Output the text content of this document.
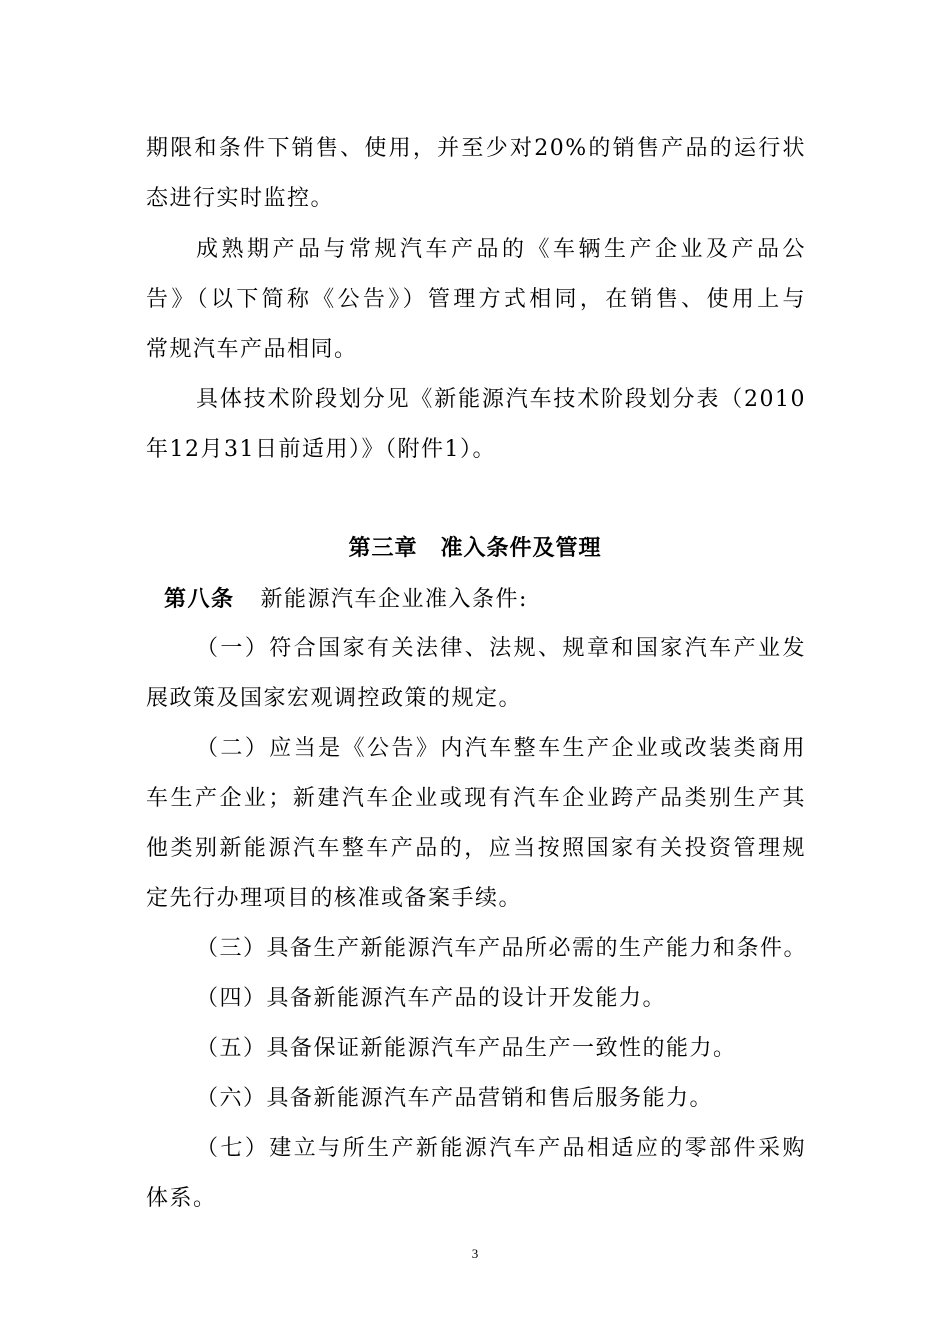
期限和条件下销售、使用，并至少对20%的销售产品的运行状
态进行实时监控。
成熟期产品与常规汽车产品的《车辆生产企业及产品公
告》（以下简称《公告》）管理方式相同，在销售、使用上与
常规汽车产品相同。
具体技术阶段划分见《新能源汽车技术阶段划分表（2010
年12月31日前适用）》（附件1）。
第三章　准入条件及管理
第八条 新能源汽车企业准入条件:
（一）符合国家有关法律、法规、规章和国家汽车产业发
展政策及国家宏观调控政策的规定。
（二）应当是《公告》内汽车整车生产企业或改装类商用
车生产企业；新建汽车企业或现有汽车企业跨产品类别生产其
他类别新能源汽车整车产品的，应当按照国家有关投资管理规
定先行办理项目的核准或备案手续。
（三）具备生产新能源汽车产品所必需的生产能力和条件。
（四）具备新能源汽车产品的设计开发能力。
（五）具备保证新能源汽车产品生产一致性的能力。
（六）具备新能源汽车产品营销和售后服务能力。
（七）建立与所生产新能源汽车产品相适应的零部件采购
体系。
3
